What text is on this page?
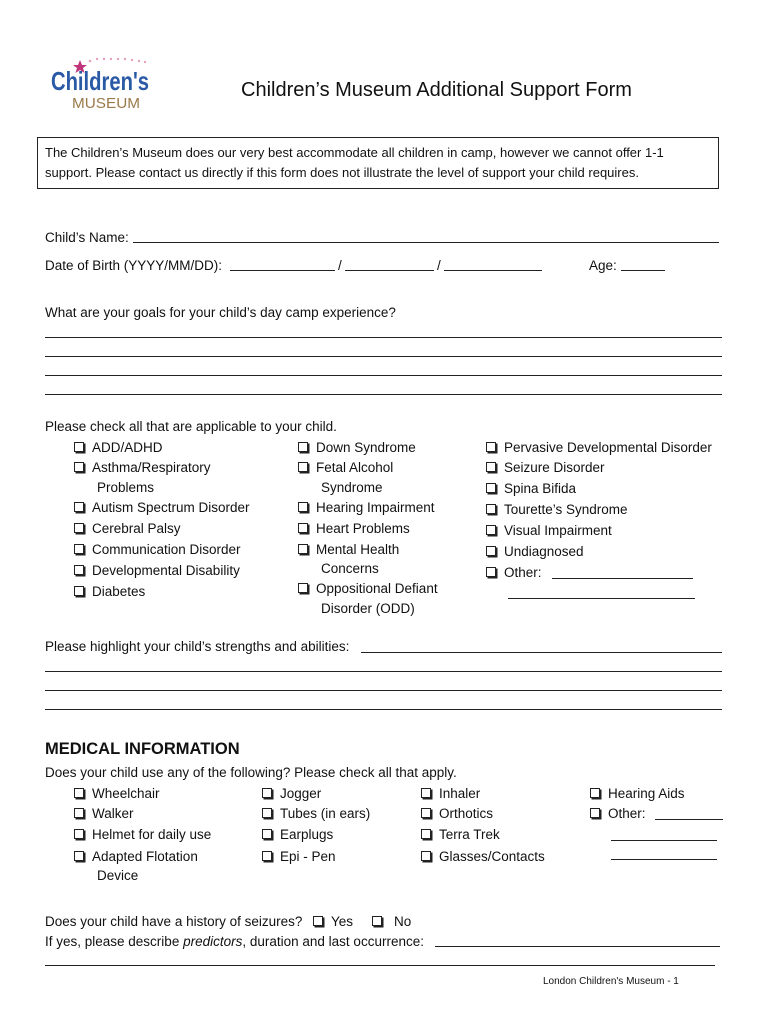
Children's
MUSEUM
Children’s Museum Additional Support Form
The Children’s Museum does our very best accommodate all children in camp, however we cannot offer 1-1 support. Please contact us directly if this form does not illustrate the level of support your child requires.
Child’s Name:
Date of Birth (YYYY/MM/DD):	/	/	Age:
What are your goals for your child’s day camp experience?
Please check all that are applicable to your child.
ADD/ADHD
Asthma/Respiratory
Problems
Autism Spectrum Disorder
Cerebral Palsy
Communication Disorder
Developmental Disability
Diabetes
Down Syndrome
Fetal Alcohol
Syndrome
Hearing Impairment
Heart Problems
Mental Health
Concerns
Oppositional Defiant
Disorder (ODD)
Pervasive Developmental Disorder
Seizure Disorder
Spina Bifida
Tourette’s Syndrome
Visual Impairment
Undiagnosed
Other:
Please highlight your child’s strengths and abilities:
MEDICAL INFORMATION
Does your child use any of the following? Please check all that apply.
Wheelchair
Walker
Helmet for daily use
Adapted Flotation
Device
Jogger
Tubes (in ears)
Earplugs
Epi - Pen
Inhaler
Orthotics
Terra Trek
Glasses/Contacts
Hearing Aids
Other:
Does your child have a history of seizures?	Yes	No
If yes, please describe predictors, duration and last occurrence:
London Children's Museum - 1
